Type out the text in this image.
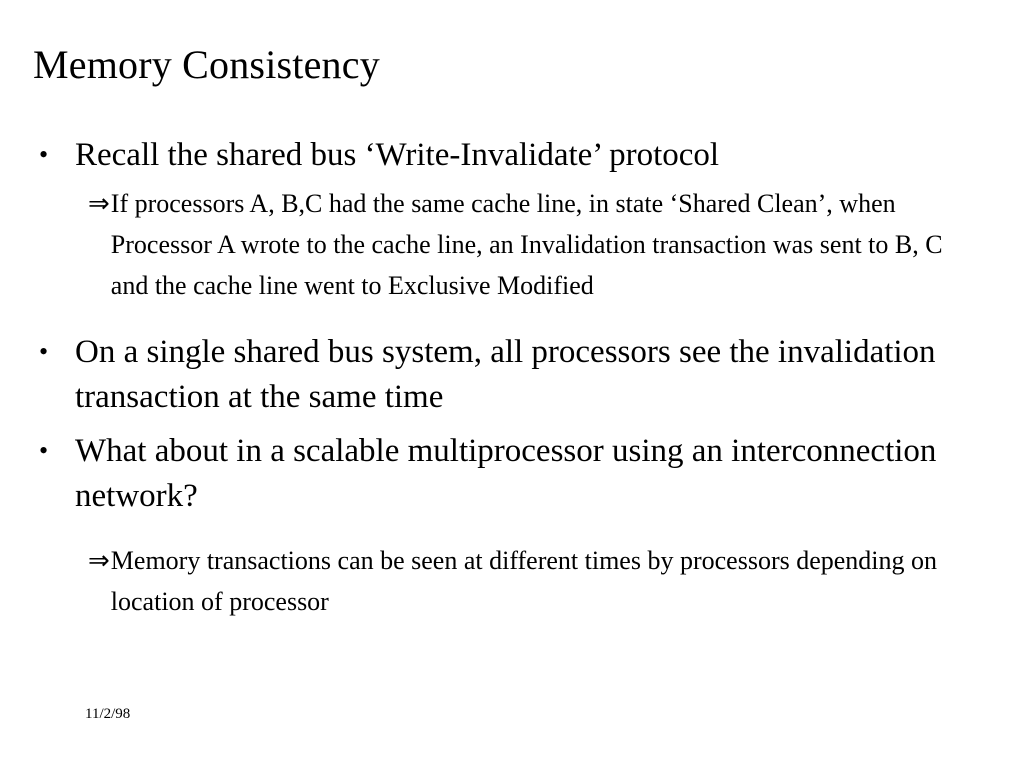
Memory Consistency
• Recall the shared bus ‘Write-Invalidate’ protocol
⇒ If processors A, B,C had the same cache line, in state ‘Shared Clean’, when Processor A wrote to the cache line, an Invalidation transaction was sent to B, C and the cache line went to Exclusive Modified
• On a single shared bus system, all processors see the invalidation transaction at the same time
• What about in a scalable multiprocessor using an interconnection network?
⇒ Memory transactions can be seen at different times by processors depending on location of processor
11/2/98
